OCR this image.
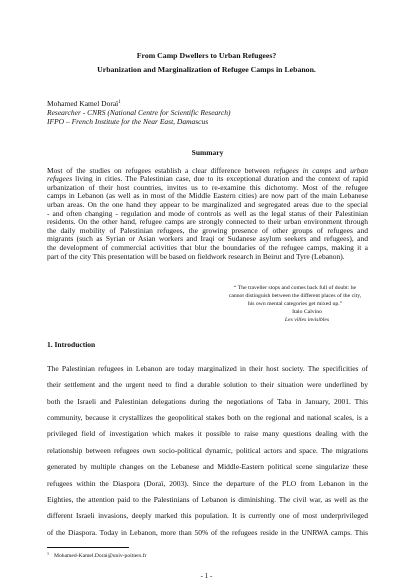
From Camp Dwellers to Urban Refugees?
Urbanization and Marginalization of Refugee Camps in Lebanon.
Mohamed Kamel Doraï$^1$
Researcher - CNRS (National Centre for Scientific Research)
IFPO – French Institute for the Near East, Damascus
Summary
Most of the studies on refugees establish a clear difference between refugees in camps and urban
refugees living in cities. The Palestinian case, due to its exceptional duration and the context of rapid
urbanization of their host countries, invites us to re-examine this dichotomy. Most of the refugee
camps in Lebanon (as well as in most of the Middle Eastern cities) are now part of the main Lebanese
urban areas. On the one hand they appear to be marginalized and segregated areas due to the special
- and often changing - regulation and mode of controls as well as the legal status of their Palestinian
residents. On the other hand, refugee camps are strongly connected to their urban environment through
the daily mobility of Palestinian refugees, the growing presence of other groups of refugees and
migrants (such as Syrian or Asian workers and Iraqi or Sudanese asylum seekers and refugees), and
the development of commercial activities that blur the boundaries of the refugee camps, making it a
part of the city This presentation will be based on fieldwork research in Beirut and Tyre (Lebanon).
“ The traveller stops and comes back full of doubt: he
cannot distinguish between the different places of the city,
his own mental categories get mixed up.”
Italo Calvino
Les villes invisibles
1. Introduction
The Palestinian refugees in Lebanon are today marginalized in their host society. The specificities of
their settlement and the urgent need to find a durable solution to their situation were underlined by
both the Israeli and Palestinian delegations during the negotiations of Taba in January, 2001. This
community, because it crystallizes the geopolitical stakes both on the regional and national scales, is a
privileged field of investigation which makes it possible to raise many questions dealing with the
relationship between refugees own socio-political dynamic, political actors and space. The migrations
generated by multiple changes on the Lebanese and Middle-Eastern political scene singularize these
refugees within the Diaspora (Doraï, 2003). Since the departure of the PLO from Lebanon in the
Eighties, the attention paid to the Palestinians of Lebanon is diminishing. The civil war, as well as the
different Israeli invasions, deeply marked this population. It is currently one of most underprivileged
of the Diaspora. Today in Lebanon, more than 50% of the refugees reside in the UNRWA camps. This
$^1$ Mohamed-Kamel.Dorai@univ-poitiers.fr
- 1 -
